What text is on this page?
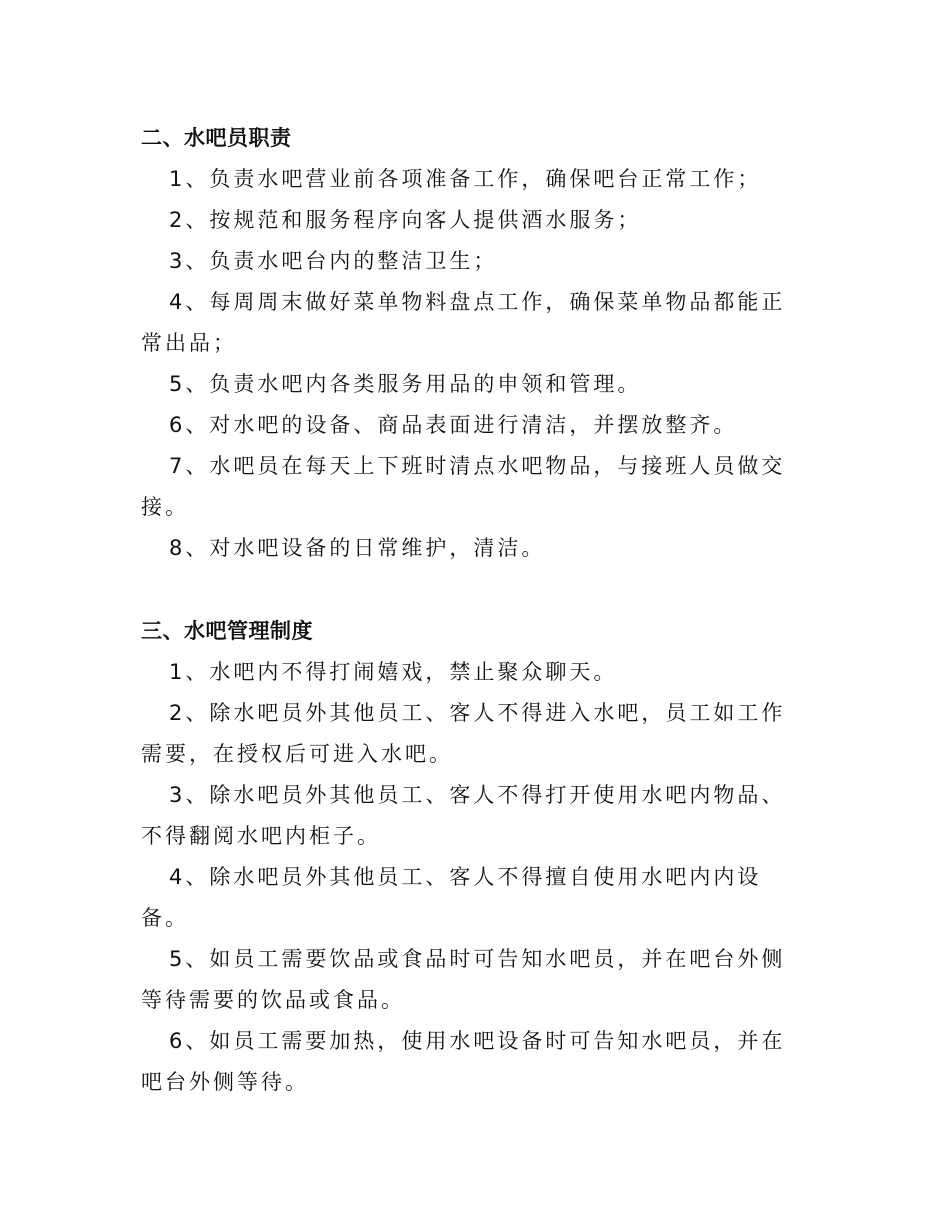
二、水吧员职责
1、负责水吧营业前各项准备工作，确保吧台正常工作；
2、按规范和服务程序向客人提供酒水服务；
3、负责水吧台内的整洁卫生；
4、每周周末做好菜单物料盘点工作，确保菜单物品都能正常出品；
5、负责水吧内各类服务用品的申领和管理。
6、对水吧的设备、商品表面进行清洁，并摆放整齐。
7、水吧员在每天上下班时清点水吧物品，与接班人员做交接。
8、对水吧设备的日常维护，清洁。
三、水吧管理制度
1、水吧内不得打闹嬉戏，禁止聚众聊天。
2、除水吧员外其他员工、客人不得进入水吧，员工如工作需要，在授权后可进入水吧。
3、除水吧员外其他员工、客人不得打开使用水吧内物品、不得翻阅水吧内柜子。
4、除水吧员外其他员工、客人不得擅自使用水吧内内设备。
5、如员工需要饮品或食品时可告知水吧员，并在吧台外侧等待需要的饮品或食品。
6、如员工需要加热，使用水吧设备时可告知水吧员，并在吧台外侧等待。
